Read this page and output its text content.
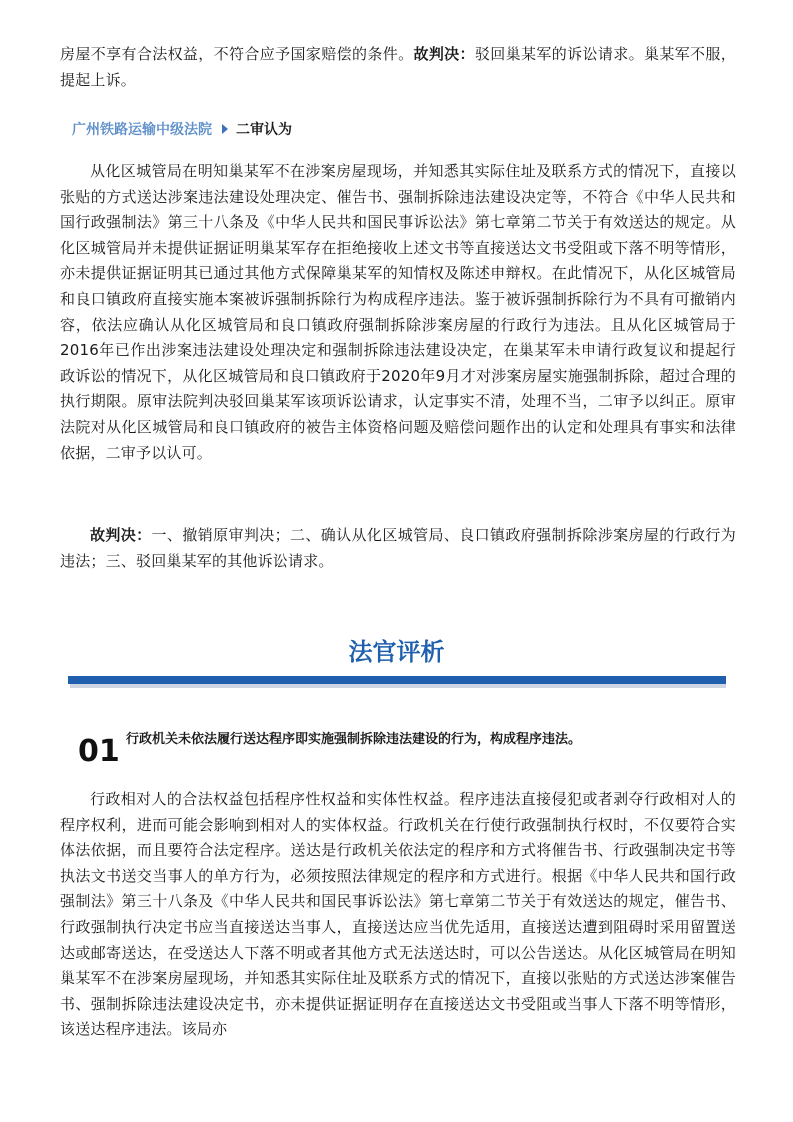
房屋不享有合法权益，不符合应予国家赔偿的条件。故判决：驳回巢某军的诉讼请求。巢某军不服，提起上诉。

广州铁路运输中级法院 二审认为

从化区城管局在明知巢某军不在涉案房屋现场，并知悉其实际住址及联系方式的情况下，直接以张贴的方式送达涉案违法建设处理决定、催告书、强制拆除违法建设决定等，不符合《中华人民共和国行政强制法》第三十八条及《中华人民共和国民事诉讼法》第七章第二节关于有效送达的规定。从化区城管局并未提供证据证明巢某军存在拒绝接收上述文书等直接送达文书受阻或下落不明等情形，亦未提供证据证明其已通过其他方式保障巢某军的知情权及陈述申辩权。在此情况下，从化区城管局和良口镇政府直接实施本案被诉强制拆除行为构成程序违法。鉴于被诉强制拆除行为不具有可撤销内容，依法应确认从化区城管局和良口镇政府强制拆除涉案房屋的行政行为违法。且从化区城管局于2016年已作出涉案违法建设处理决定和强制拆除违法建设决定，在巢某军未申请行政复议和提起行政诉讼的情况下，从化区城管局和良口镇政府于2020年9月才对涉案房屋实施强制拆除，超过合理的执行期限。原审法院判决驳回巢某军该项诉讼请求，认定事实不清，处理不当，二审予以纠正。原审法院对从化区城管局和良口镇政府的被告主体资格问题及赔偿问题作出的认定和处理具有事实和法律依据，二审予以认可。

故判决：一、撤销原审判决；二、确认从化区城管局、良口镇政府强制拆除涉案房屋的行政行为违法；三、驳回巢某军的其他诉讼请求。

法官评析
01 行政机关未依法履行送达程序即实施强制拆除违法建设的行为，构成程序违法。

行政相对人的合法权益包括程序性权益和实体性权益。程序违法直接侵犯或者剥夺行政相对人的程序权利，进而可能会影响到相对人的实体权益。行政机关在行使行政强制执行权时，不仅要符合实体法依据，而且要符合法定程序。送达是行政机关依法定的程序和方式将催告书、行政强制决定书等执法文书送交当事人的单方行为，必须按照法律规定的程序和方式进行。根据《中华人民共和国行政强制法》第三十八条及《中华人民共和国民事诉讼法》第七章第二节关于有效送达的规定，催告书、行政强制执行决定书应当直接送达当事人，直接送达应当优先适用，直接送达遭到阻碍时采用留置送达或邮寄送达，在受送达人下落不明或者其他方式无法送达时，可以公告送达。从化区城管局在明知巢某军不在涉案房屋现场，并知悉其实际住址及联系方式的情况下，直接以张贴的方式送达涉案催告书、强制拆除违法建设决定书，亦未提供证据证明存在直接送达文书受阻或当事人下落不明等情形，该送达程序违法。该局亦
